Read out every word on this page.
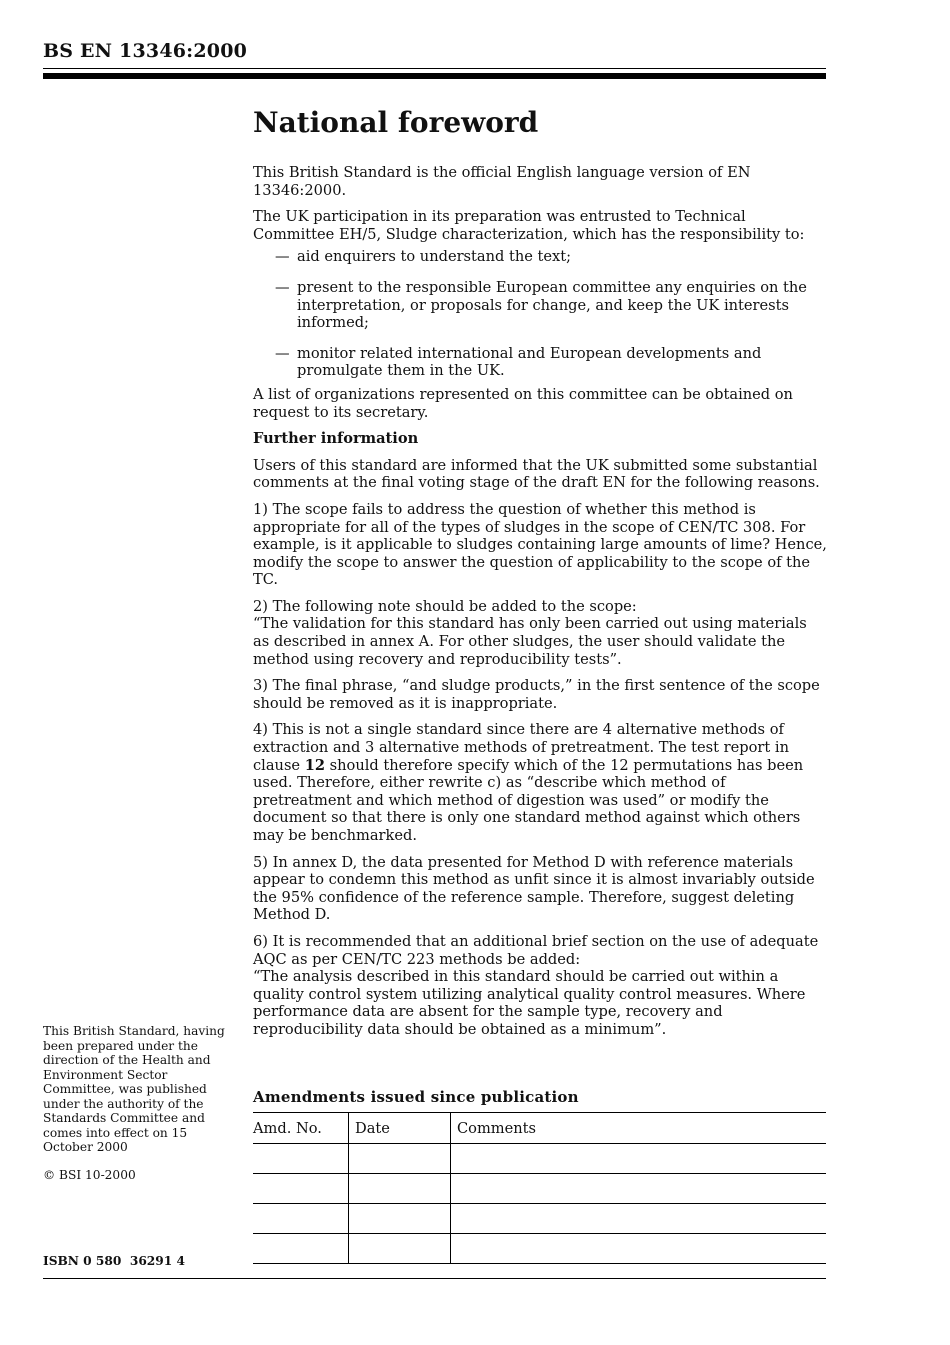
BS EN 13346:2000
National foreword

This British Standard is the official English language version of EN 13346:2000.

The UK participation in its preparation was entrusted to Technical Committee EH/5, Sludge characterization, which has the responsibility to:

— aid enquirers to understand the text;
— present to the responsible European committee any enquiries on the interpretation, or proposals for change, and keep the UK interests informed;
— monitor related international and European developments and promulgate them in the UK.

A list of organizations represented on this committee can be obtained on request to its secretary.

Further information

Users of this standard are informed that the UK submitted some substantial comments at the final voting stage of the draft EN for the following reasons.

1) The scope fails to address the question of whether this method is appropriate for all of the types of sludges in the scope of CEN/TC 308. For example, is it applicable to sludges containing large amounts of lime? Hence, modify the scope to answer the question of applicability to the scope of the TC.

2) The following note should be added to the scope:
“The validation for this standard has only been carried out using materials as described in annex A. For other sludges, the user should validate the method using recovery and reproducibility tests”.

3) The final phrase, “and sludge products,” in the first sentence of the scope should be removed as it is inappropriate.

4) This is not a single standard since there are 4 alternative methods of extraction and 3 alternative methods of pretreatment. The test report in clause 12 should therefore specify which of the 12 permutations has been used. Therefore, either rewrite c) as “describe which method of pretreatment and which method of digestion was used” or modify the document so that there is only one standard method against which others may be benchmarked.

5) In annex D, the data presented for Method D with reference materials appear to condemn this method as unfit since it is almost invariably outside the 95% confidence of the reference sample. Therefore, suggest deleting Method D.

6) It is recommended that an additional brief section on the use of adequate AQC as per CEN/TC 223 methods be added:
“The analysis described in this standard should be carried out within a quality control system utilizing analytical quality control measures. Where performance data are absent for the sample type, recovery and reproducibility data should be obtained as a minimum”.

This British Standard, having been prepared under the direction of the Health and Environment Sector Committee, was published under the authority of the Standards Committee and comes into effect on 15 October 2000
© BSI 10-2000
ISBN 0 580  36291 4
Amendments issued since publication
Amd. No.	Date	Comments
